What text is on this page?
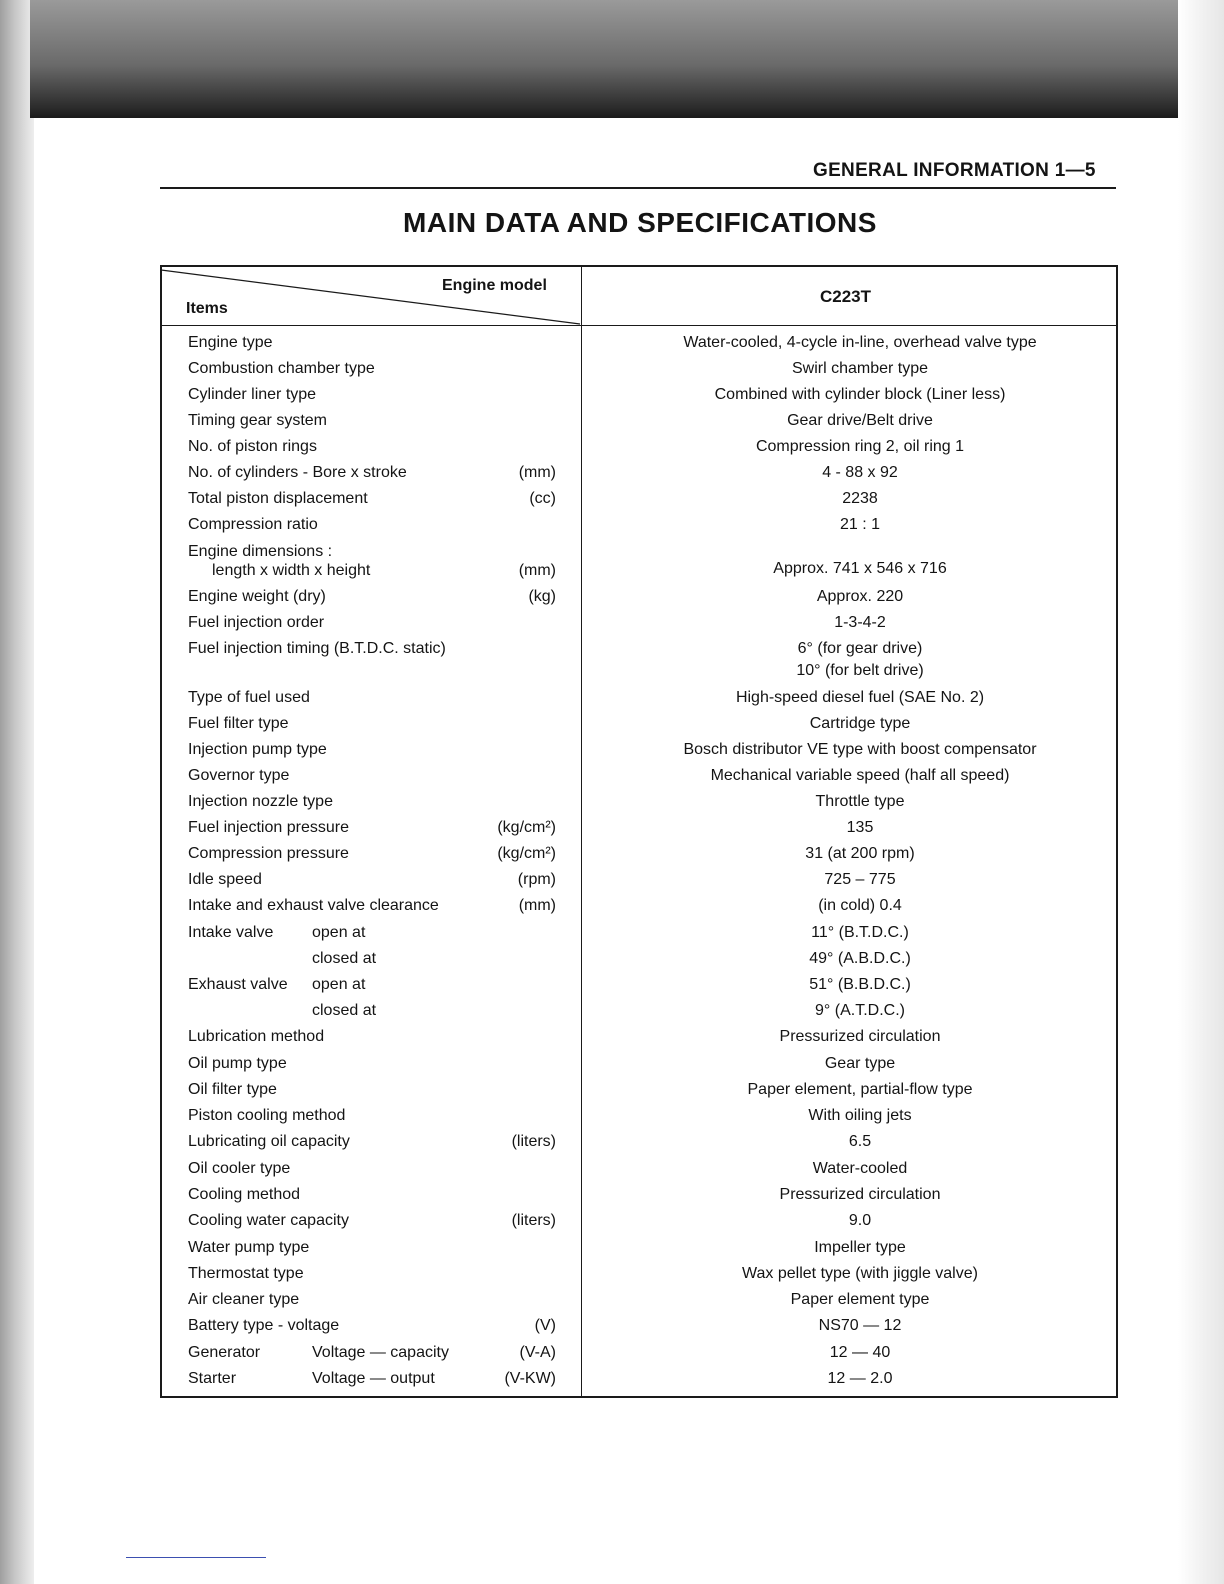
GENERAL INFORMATION 1—5
MAIN DATA AND SPECIFICATIONS
Engine model
Items
C223T
Engine type	Water-cooled, 4-cycle in-line, overhead valve type
Combustion chamber type	Swirl chamber type
Cylinder liner type	Combined with cylinder block (Liner less)
Timing gear system	Gear drive/Belt drive
No. of piston rings	Compression ring 2, oil ring 1
No. of cylinders - Bore x stroke	(mm)	4 - 88 x 92
Total piston displacement	(cc)	2238
Compression ratio	21 : 1
Engine dimensions :
length x width x height	(mm)	Approx. 741 x 546 x 716
Engine weight (dry)	(kg)	Approx. 220
Fuel injection order	1-3-4-2
Fuel injection timing (B.T.D.C. static)	6° (for gear drive)
10° (for belt drive)
Type of fuel used	High-speed diesel fuel (SAE No. 2)
Fuel filter type	Cartridge type
Injection pump type	Bosch distributor VE type with boost compensator
Governor type	Mechanical variable speed (half all speed)
Injection nozzle type	Throttle type
Fuel injection pressure	(kg/cm²)	135
Compression pressure	(kg/cm²)	31 (at 200 rpm)
Idle speed	(rpm)	725 – 775
Intake and exhaust valve clearance	(mm)	(in cold) 0.4
Intake valve open at	11° (B.T.D.C.)
closed at	49° (A.B.D.C.)
Exhaust valve open at	51° (B.B.D.C.)
closed at	9° (A.T.D.C.)
Lubrication method	Pressurized circulation
Oil pump type	Gear type
Oil filter type	Paper element, partial-flow type
Piston cooling method	With oiling jets
Lubricating oil capacity	(liters)	6.5
Oil cooler type	Water-cooled
Cooling method	Pressurized circulation
Cooling water capacity	(liters)	9.0
Water pump type	Impeller type
Thermostat type	Wax pellet type (with jiggle valve)
Air cleaner type	Paper element type
Battery type - voltage	(V)	NS70 — 12
Generator	Voltage — capacity	(V-A)	12 — 40
Starter	Voltage — output	(V-KW)	12 — 2.0
